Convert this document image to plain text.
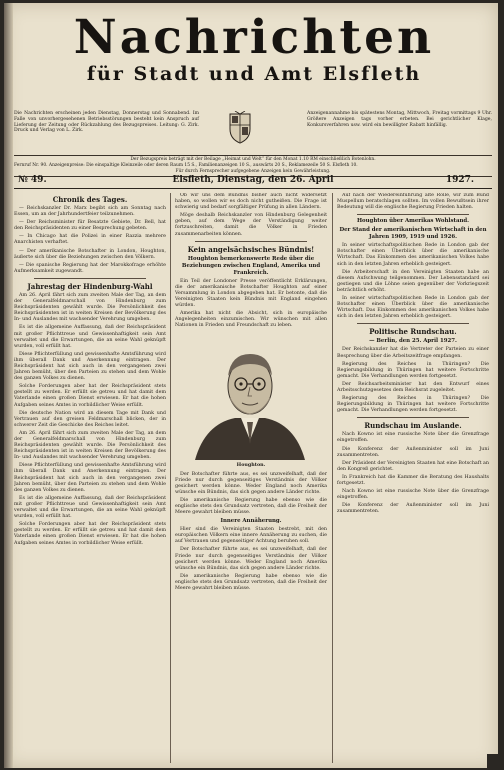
Nachrichten
für Stadt und Amt Elsfleth
Die Nachrichten erscheinen jeden Dienstag, Donnerstag und Sonnabend. Im Falle von unvorhergesehenen Betriebsstörungen besteht kein Anspruch auf Lieferung der Zeitung oder Rückzahlung des Bezugspreises. Leitung: G. Zirk. Druck und Verlag von L. Zirk.
Anzeigenannahme bis spätestens Montag, Mittwoch, Freitag vormittags 9 Uhr. Größere Anzeigen tags vorher erbeten. Bei gerichtlicher Klage, Konkursverfahren usw. wird ein bewilligter Rabatt hinfällig.
Der Bezugspreis beträgt mit der Beilage „Heimat und Welt“ für den Monat 1.10 RM einschließlich Botenlohn.
Fernruf Nr. 90. Anzeigenpreise: Die einspaltige Kleinzeile oder deren Raum 15 S., Familienanzeigen 10 S., auswärts 20 S., Reklamezeile 50 S. Elsfleth 10.
Für durch Fernsprecher aufgegebene Anzeigen kein Gewährleistung.
№ 49.	Elsfleth, Dienstag, den 26. April	1927.
Chronik des Tages.

— Reichskanzler Dr. Marx begibt sich am Sonntag nach Essen, um an der Jahrhundertfeier teilzunehmen.

— Der Reichsminister für Besatzte Gebiete, Dr. Bell, hat den Reichspräsidenten zu einer Besprechung gebeten.

— In Chicago hat die Polizei in einer Razzia mehrere Anarchisten verhaftet.

— Der amerikanische Botschafter in London, Houghton, äußerte sich über die Beziehungen zwischen den Völkern.

— Die spanische Regierung hat der Marokkofrage erhöhte Aufmerksamkeit zugewandt.

Jahrestag der Hindenburg-Wahl

Am 26. April fährt sich zum zweiten Male der Tag, an dem der Generalfeldmarschall von Hindenburg zum Reichspräsidenten gewählt wurde. Die Persönlichkeit des Reichspräsidenten ist in weiten Kreisen der Bevölkerung des In- und Auslandes mit wachsender Verehrung umgeben.

Es ist die allgemeine Auffassung, daß der Reichspräsident mit großer Pflichttreue und Gewissenhaftigkeit sein Amt verwaltet und die Erwartungen, die an seine Wahl geknüpft wurden, voll erfüllt hat.

Diese Pflichterfüllung und gewissenhafte Amtsführung wird ihm überall Dank und Anerkennung eintragen. Der Reichspräsident hat sich auch in den vergangenen zwei Jahren bemüht, über den Parteien zu stehen und dem Wohle des ganzen Volkes zu dienen.

Solche Forderungen aber hat der Reichspräsident stets gestellt zu werden. Er erfüllt sie getreu und hat damit dem Vaterlande einen großen Dienst erwiesen. Er hat die hohen Aufgaben seines Amtes in vorbildlicher Weise erfüllt.

Die deutsche Nation wird an diesem Tage mit Dank und Vertrauen auf den greisen Feldmarschall blicken, der in schwerer Zeit die Geschicke des Reiches leitet.

Am 26. April fährt sich zum zweiten Male der Tag, an dem der Generalfeldmarschall von Hindenburg zum Reichspräsidenten gewählt wurde. Die Persönlichkeit des Reichspräsidenten ist in weiten Kreisen der Bevölkerung des In- und Auslandes mit wachsender Verehrung umgeben.

Diese Pflichterfüllung und gewissenhafte Amtsführung wird ihm überall Dank und Anerkennung eintragen. Der Reichspräsident hat sich auch in den vergangenen zwei Jahren bemüht, über den Parteien zu stehen und dem Wohle des ganzen Volkes zu dienen.

Es ist die allgemeine Auffassung, daß der Reichspräsident mit großer Pflichttreue und Gewissenhaftigkeit sein Amt verwaltet und die Erwartungen, die an seine Wahl geknüpft wurden, voll erfüllt hat.

Solche Forderungen aber hat der Reichspräsident stets gestellt zu werden. Er erfüllt sie getreu und hat damit dem Vaterlande einen großen Dienst erwiesen. Er hat die hohen Aufgaben seines Amtes in vorbildlicher Weise erfüllt.

Ob wir uns dem Bündnis bisher auch nicht widersetzt haben, so wollen wir es doch nicht gutheißen. Die Frage ist schwierig und bedarf sorgfältiger Prüfung in allen Ländern.

Möge deshalb Reichskanzler von Hindenburg Gelegenheit geben, auf dem Wege der Verständigung weiter fortzuschreiten, damit die Völker in Frieden zusammenarbeiten können.

Kein angelsächsisches Bündnis!
Houghton bemerkenswerte Rede über die Beziehungen zwischen England, Amerika und Frankreich.

Ein Teil der Londoner Presse veröffentlicht Erklärungen, die der amerikanische Botschafter Houghton auf einer Versammlung in London abgegeben hat. Er betonte, daß die Vereinigten Staaten kein Bündnis mit England eingehen würden.

Amerika hat nicht die Absicht, sich in europäische Angelegenheiten einzumischen. Wir wünschen mit allen Nationen in Frieden und Freundschaft zu leben.

Houghton.

Der Botschafter führte aus, es sei unzweifelhaft, daß der Friede nur durch gegenseitiges Verständnis der Völker gesichert werden könne. Weder England noch Amerika wünsche ein Bündnis, das sich gegen andere Länder richte.

Die amerikanische Regierung habe ebenso wie die englische stets den Grundsatz vertreten, daß die Freiheit der Meere gewahrt bleiben müsse.

Innere Annäherung.

Hier sind die Vereinigten Staaten bestrebt, mit den europäischen Völkern eine innere Annäherung zu suchen, die auf Vertrauen und gegenseitiger Achtung beruhen soll.

Der Botschafter führte aus, es sei unzweifelhaft, daß der Friede nur durch gegenseitiges Verständnis der Völker gesichert werden könne. Weder England noch Amerika wünsche ein Bündnis, das sich gegen andere Länder richte.

Die amerikanische Regierung habe ebenso wie die englische stets den Grundsatz vertreten, daß die Freiheit der Meere gewahrt bleiben müsse.

Auf nach der Wiedereinführung alte Rolle, wir zum Bund Muspellum beratschlagen sollten. Im vollen Bewußtsein ihrer Bedeutung will die englische Regierung Frieden halten.

Houghton über Amerikas Wohlstand.
Der Stand der amerikanischen Wirtschaft in den Jahren 1909, 1919 und 1926.

In seiner wirtschaftspolitischen Rede in London gab der Botschafter einen Überblick über die amerikanische Wirtschaft. Das Einkommen des amerikanischen Volkes habe sich in den letzten Jahren erheblich gesteigert.

Die Arbeiterschaft in den Vereinigten Staaten habe an diesem Aufschwung teilgenommen. Der Lebensstandard sei gestiegen und die Löhne seien gegenüber der Vorkriegszeit beträchtlich erhöht.

In seiner wirtschaftspolitischen Rede in London gab der Botschafter einen Überblick über die amerikanische Wirtschaft. Das Einkommen des amerikanischen Volkes habe sich in den letzten Jahren erheblich gesteigert.

Politische Rundschau.
— Berlin, den 25. April 1927.

Der Reichskanzler hat die Vertreter der Parteien zu einer Besprechung über die Arbeitszeitfrage empfangen.

Regierung des Reiches in Thüringen? Die Regierungsbildung in Thüringen hat weitere Fortschritte gemacht. Die Verhandlungen werden fortgesetzt.

Der Reichsarbeitsminister hat den Entwurf eines Arbeitsschutzgesetzes dem Reichsrat zugeleitet.

Regierung des Reiches in Thüringen? Die Regierungsbildung in Thüringen hat weitere Fortschritte gemacht. Die Verhandlungen werden fortgesetzt.

Rundschau im Auslande.

Nach Kowno ist eine russische Note über die Grenzfrage eingetroffen.

Die Konferenz der Außenminister soll im Juni zusammentreten.

Der Präsident der Vereinigten Staaten hat eine Botschaft an den Kongreß gerichtet.

In Frankreich hat die Kammer die Beratung des Haushalts fortgesetzt.

Nach Kowno ist eine russische Note über die Grenzfrage eingetroffen.

Die Konferenz der Außenminister soll im Juni zusammentreten.
